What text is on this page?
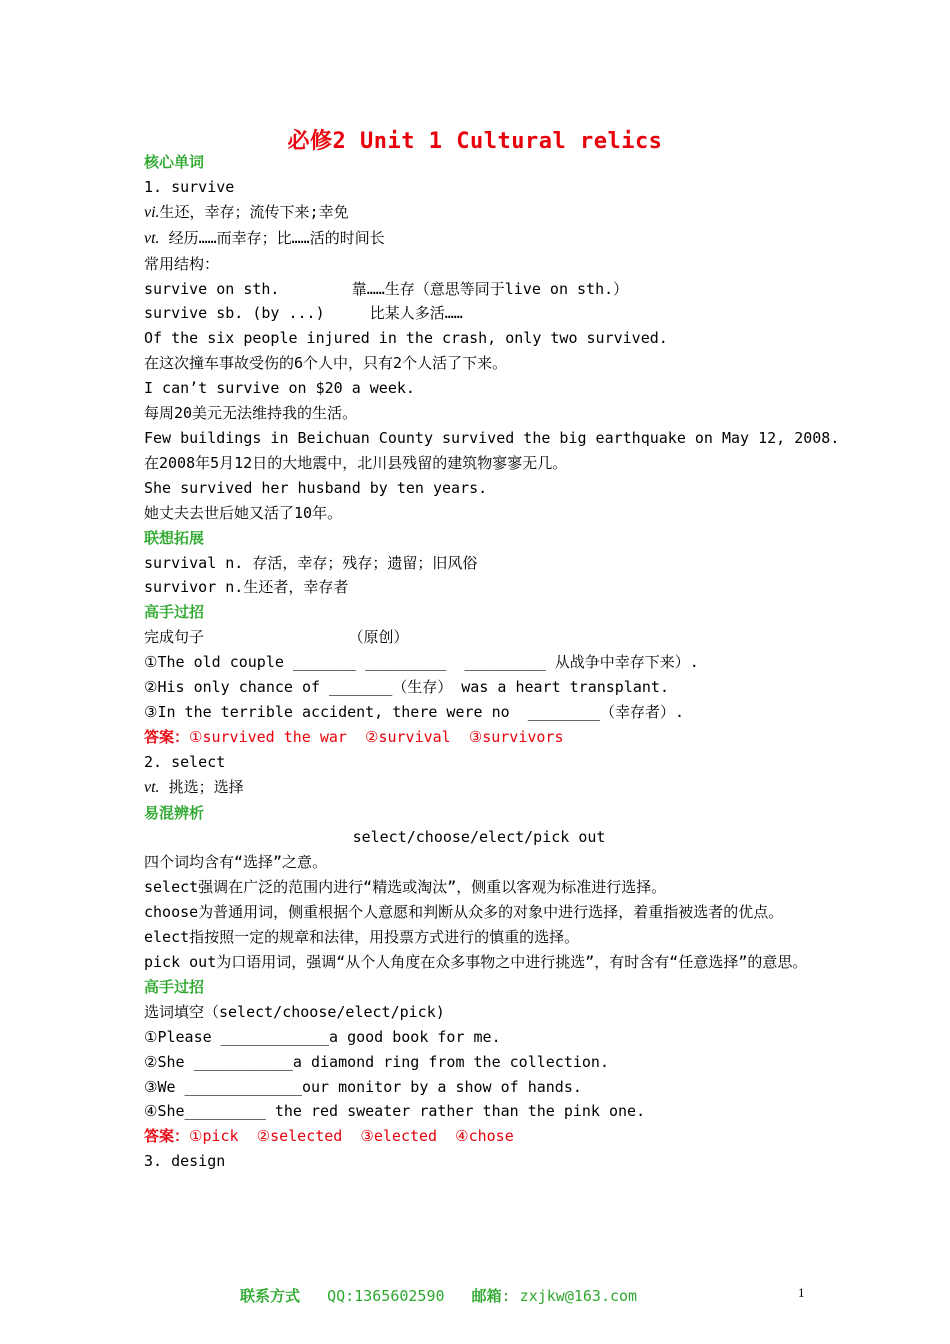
必修2 Unit 1 Cultural relics
核心单词
1. survive
vi.生还，幸存；流传下来;幸免
vt. 经历……而幸存；比……活的时间长
常用结构：
survive on sth.        靠……生存（意思等同于live on sth.）
survive sb. (by ...)     比某人多活……
Of the six people injured in the crash, only two survived.
在这次撞车事故受伤的6个人中，只有2个人活了下来。
I can’t survive on $20 a week.
每周20美元无法维持我的生活。
Few buildings in Beichuan County survived the big earthquake on May 12, 2008.
在2008年5月12日的大地震中，北川县残留的建筑物寥寥无几。
She survived her husband by ten years.
她丈夫去世后她又活了10年。
联想拓展
survival n. 存活，幸存；残存；遗留；旧风俗
survivor n.生还者，幸存者
高手过招
完成句子                （原创）
①The old couple _______ _________  _________ 从战争中幸存下来）.
②His only chance of _______（生存） was a heart transplant.
③In the terrible accident, there were no  ________（幸存者）.
答案：①survived the war  ②survival  ③survivors
2. select
vt. 挑选；选择
易混辨析
select/choose/elect/pick out
四个词均含有“选择”之意。
select强调在广泛的范围内进行“精选或淘汰”，侧重以客观为标准进行选择。
choose为普通用词，侧重根据个人意愿和判断从众多的对象中进行选择，着重指被选者的优点。
elect指按照一定的规章和法律，用投票方式进行的慎重的选择。
pick out为口语用词，强调“从个人角度在众多事物之中进行挑选”，有时含有“任意选择”的意思。
高手过招
选词填空（select/choose/elect/pick)
①Please ____________a good book for me.
②She ___________a diamond ring from the collection.
③We _____________our monitor by a show of hands.
④She_________ the red sweater rather than the pink one.
答案：①pick  ②selected  ③elected  ④chose
3. design
联系方式 QQ:1365602590 邮箱: zxjkw@163.com	1
